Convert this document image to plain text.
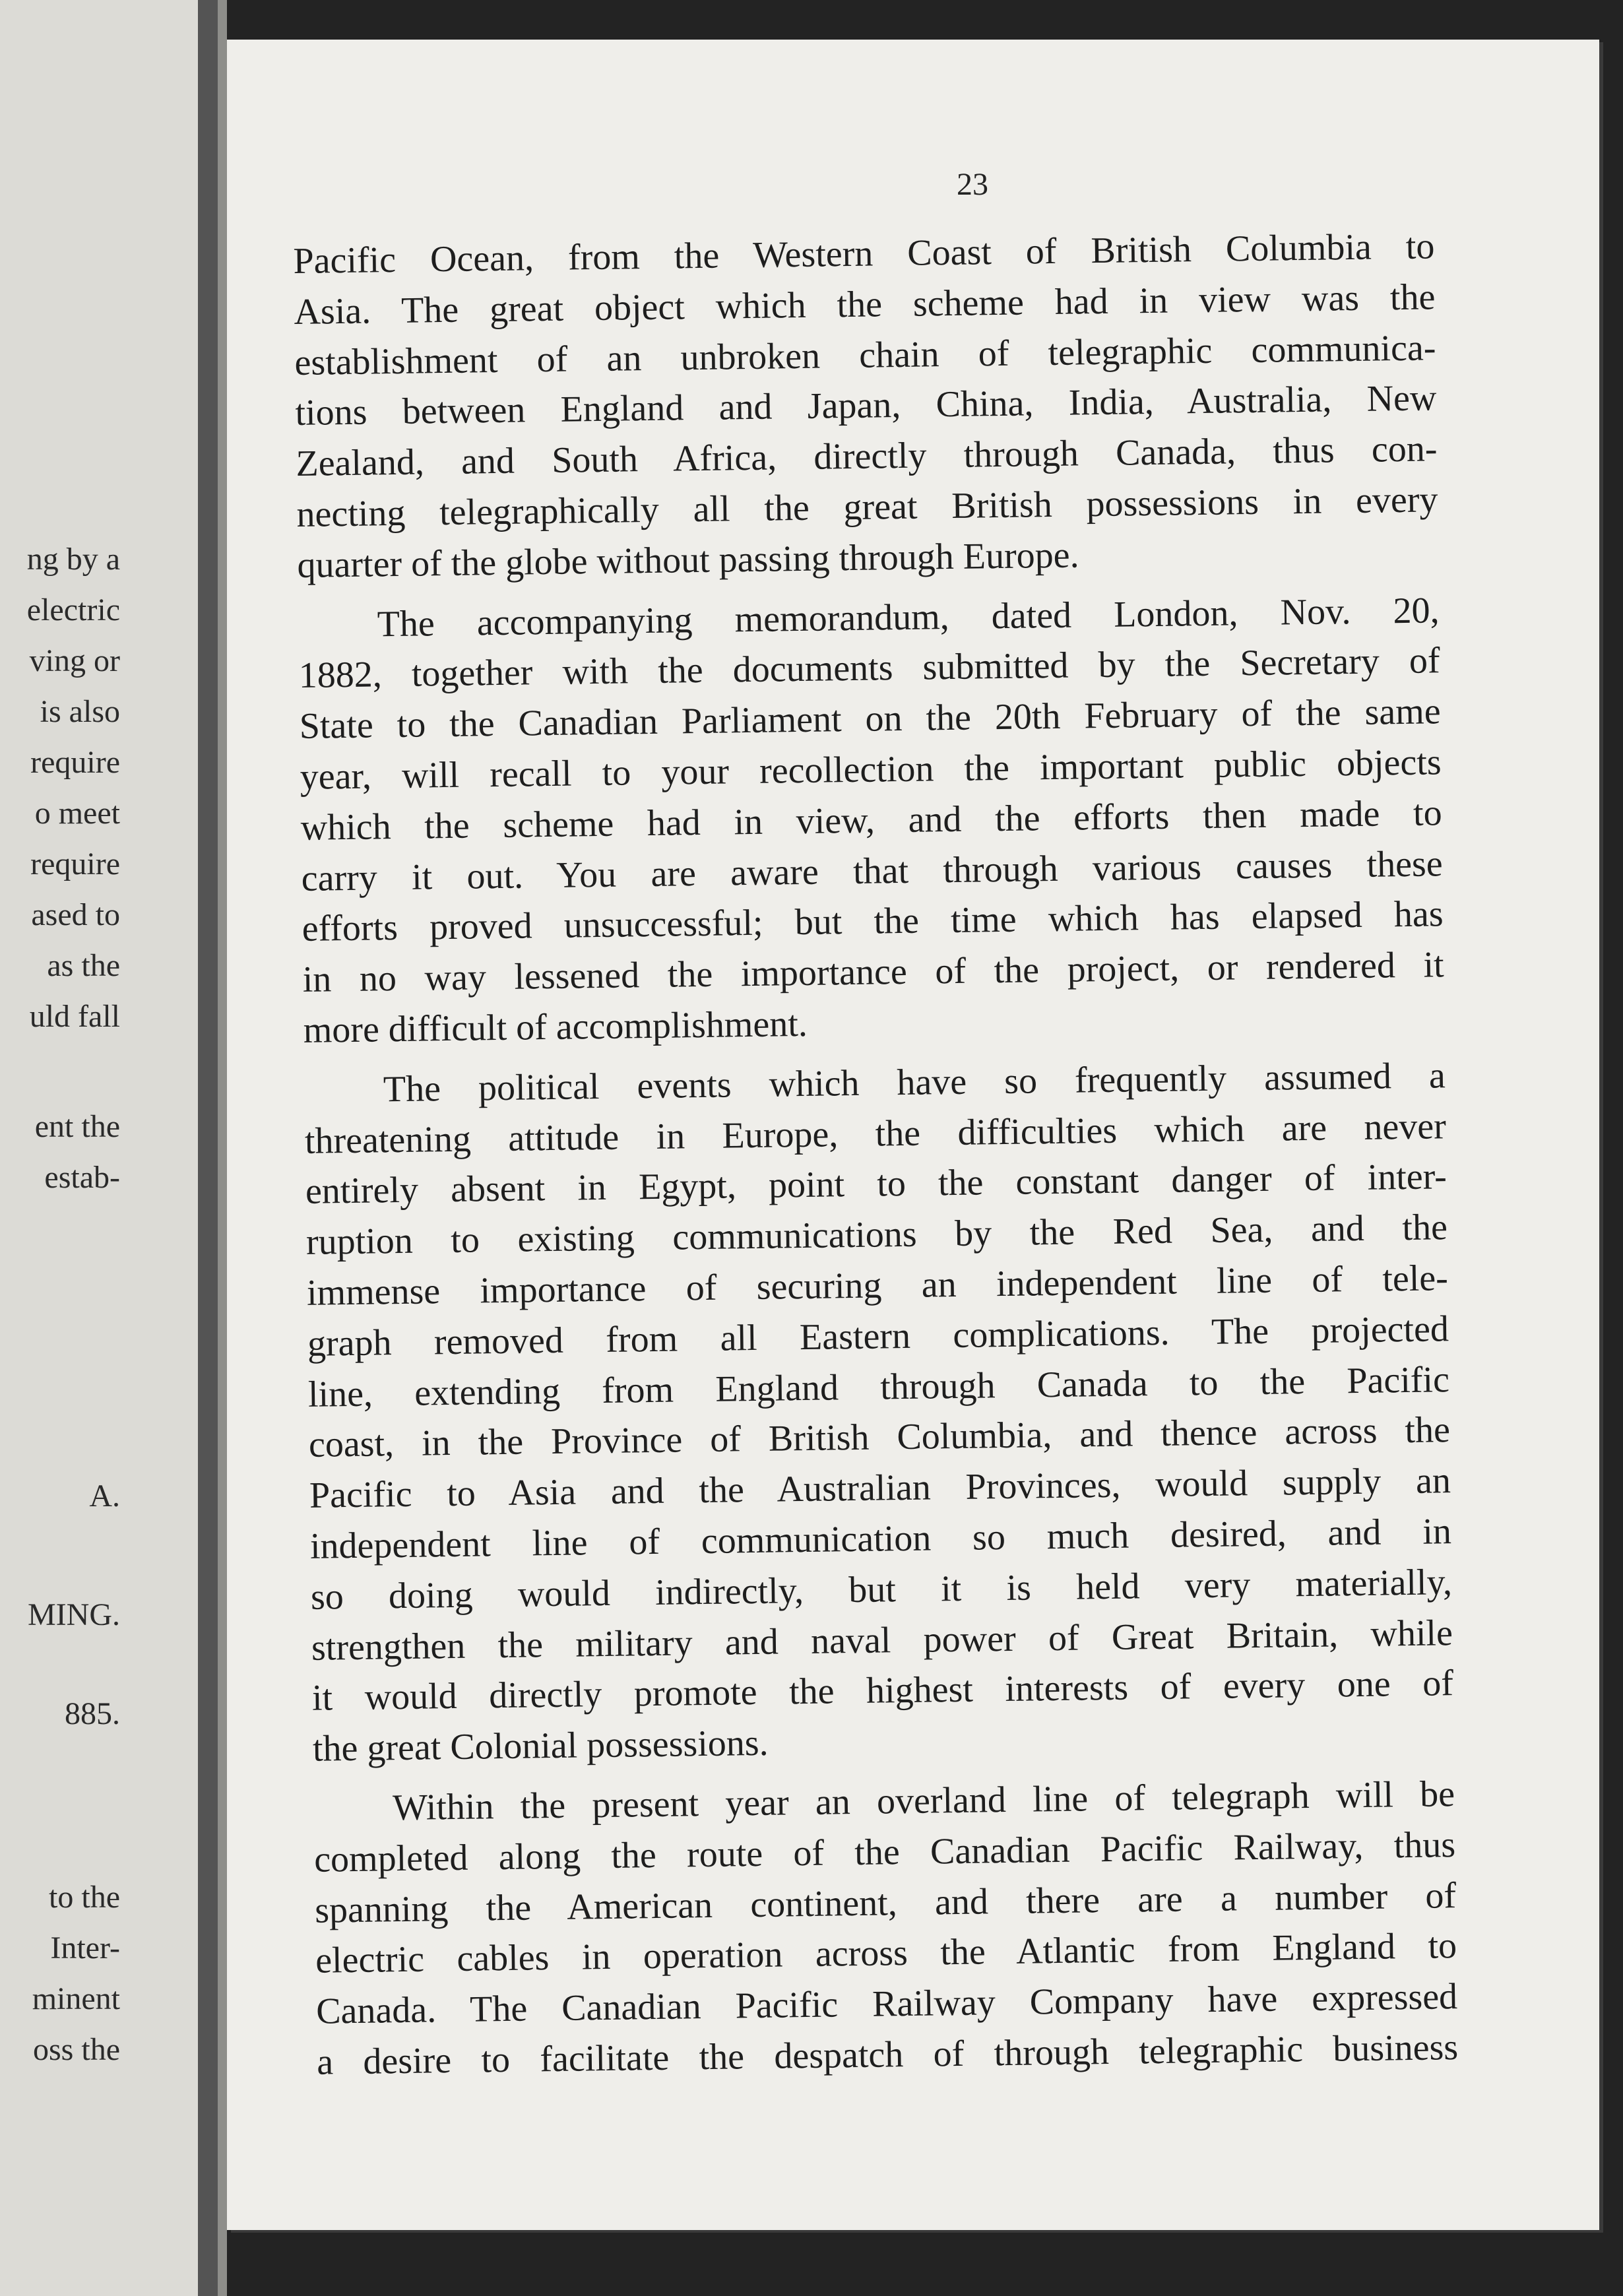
ng by a
electric
ving or
is also
require
o meet
require
ased to
as the
uld fall
ent the
estab-
A.
MING.
885.
to the
Inter-
minent
oss the
23
Pacific Ocean, from the Western Coast of British Columbia to
Asia. The great object which the scheme had in view was the
establishment of an unbroken chain of telegraphic communica-
tions between England and Japan, China, India, Australia, New
Zealand, and South Africa, directly through Canada, thus con-
necting telegraphically all the great British possessions in every
quarter of the globe without passing through Europe.
The accompanying memorandum, dated London, Nov. 20,
1882, together with the documents submitted by the Secretary of
State to the Canadian Parliament on the 20th February of the same
year, will recall to your recollection the important public objects
which the scheme had in view, and the efforts then made to
carry it out. You are aware that through various causes these
efforts proved unsuccessful; but the time which has elapsed has
in no way lessened the importance of the project, or rendered it
more difficult of accomplishment.
The political events which have so frequently assumed a
threatening attitude in Europe, the difficulties which are never
entirely absent in Egypt, point to the constant danger of inter-
ruption to existing communications by the Red Sea, and the
immense importance of securing an independent line of tele-
graph removed from all Eastern complications. The projected
line, extending from England through Canada to the Pacific
coast, in the Province of British Columbia, and thence across the
Pacific to Asia and the Australian Provinces, would supply an
independent line of communication so much desired, and in
so doing would indirectly, but it is held very materially,
strengthen the military and naval power of Great Britain, while
it would directly promote the highest interests of every one of
the great Colonial possessions.
Within the present year an overland line of telegraph will be
completed along the route of the Canadian Pacific Railway, thus
spanning the American continent, and there are a number of
electric cables in operation across the Atlantic from England to
Canada. The Canadian Pacific Railway Company have expressed
a desire to facilitate the despatch of through telegraphic business
